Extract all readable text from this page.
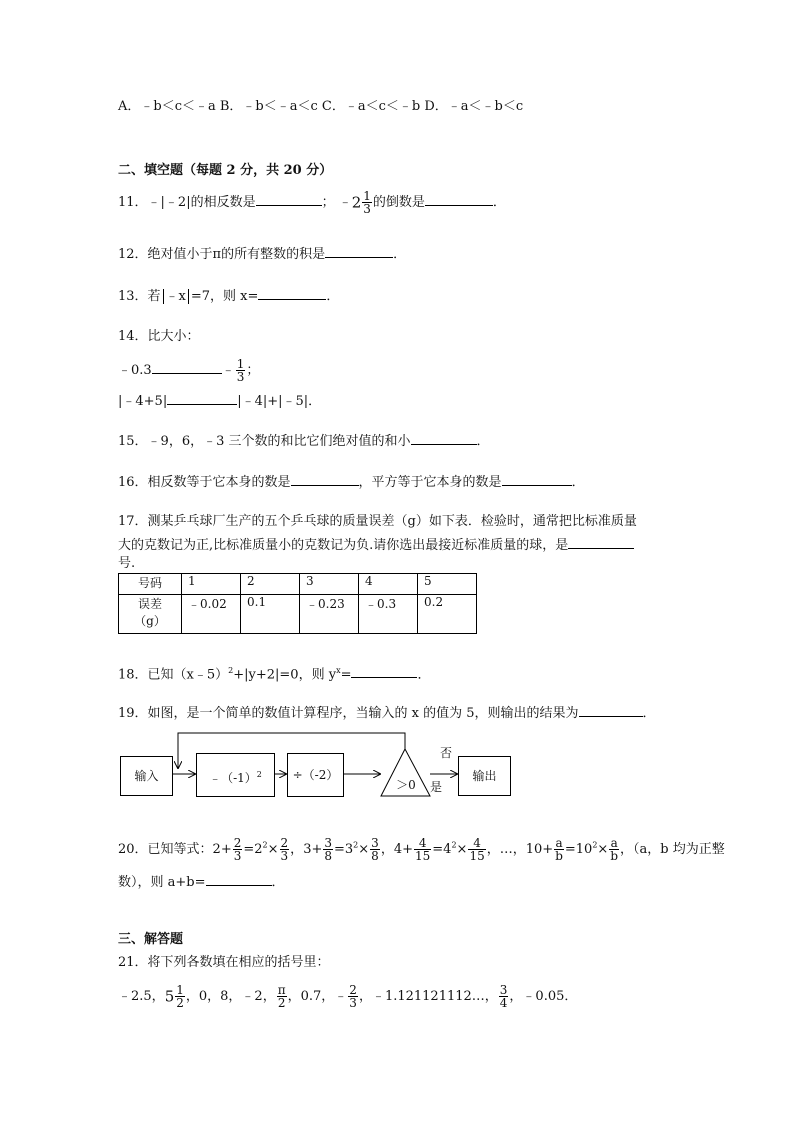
A．﹣b＜c＜﹣a B．﹣b＜﹣a＜c C．﹣a＜c＜﹣b D．﹣a＜﹣b＜c
二、填空题（每题 2 分，共 20 分）
11．﹣|﹣2|的相反数是	； ﹣2 $\frac{1}{3}$ 的倒数是	．
12．绝对值小于π的所有整数的积是	．
13．若 ﹣x =7，则 x=	．
14．比大小：
﹣0.3	﹣ $\frac{1}{3}$ ；
|﹣4+5|	|﹣4|+|﹣5|．
15．﹣9，6，﹣3 三个数的和比它们绝对值的和小	．
16．相反数等于它本身的数是	，平方等于它本身的数是	．
17．测某乒乓球厂生产的五个乒乓球的质量误差（g）如下表．检验时，通常把比标准质量
大的克数记为正,比标准质量小的克数记为负.请你选出最接近标准质量的球，是
号.
号码	1	2	3	4	5

误差
（g）	﹣0.02	0.1	﹣0.23	﹣0.3	0.2
18．已知（x﹣5）$^2$+|y+2|=0，则 $y^x=$	．
19．如图，是一个简单的数值计算程序，当输入的 x 的值为 5，则输出的结果为	．
输入	$﹣(-1)^2$	÷（-2）
＞0
否
是
输出
20．已知等式：$2+ \frac{2}{3} =2^2\times \frac{2}{3}$ ，$3+ \frac{3}{8} =3^2\times \frac{3}{8}$ ，$4+ \frac{4}{15} =4^2\times \frac{4}{15}$ ，…，$10+ \frac{a}{b} =10^2\times \frac{a}{b}$ ，（a，b 均为正整
数），则 a+b=	．
三、解答题
21．将下列各数填在相应的括号里：
﹣2.5，$5 \frac{1}{2}$ ，0，8，﹣2， $\frac{\pi}{2}$ ，0.7，﹣ $\frac{2}{3}$ ，﹣1.121121112…， $\frac{3}{4}$ ，﹣0.05．
